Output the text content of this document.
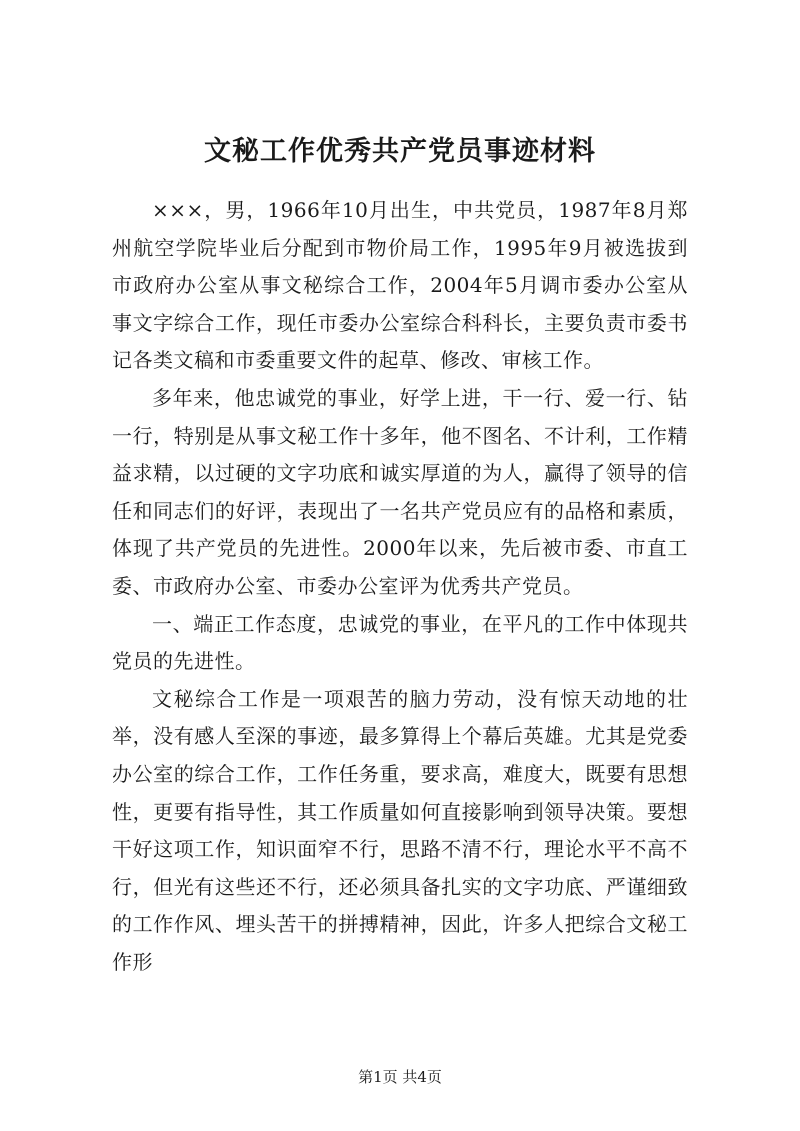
文秘工作优秀共产党员事迹材料

×××，男，1966年10月出生，中共党员，1987年8月郑州航空学院毕业后分配到市物价局工作，1995年9月被选拔到市政府办公室从事文秘综合工作，2004年5月调市委办公室从事文字综合工作，现任市委办公室综合科科长，主要负责市委书记各类文稿和市委重要文件的起草、修改、审核工作。

多年来，他忠诚党的事业，好学上进，干一行、爱一行、钻一行，特别是从事文秘工作十多年，他不图名、不计利，工作精益求精，以过硬的文字功底和诚实厚道的为人，赢得了领导的信任和同志们的好评，表现出了一名共产党员应有的品格和素质，体现了共产党员的先进性。2000年以来，先后被市委、市直工委、市政府办公室、市委办公室评为优秀共产党员。

一、端正工作态度，忠诚党的事业，在平凡的工作中体现共党员的先进性。

文秘综合工作是一项艰苦的脑力劳动，没有惊天动地的壮举，没有感人至深的事迹，最多算得上个幕后英雄。尤其是党委办公室的综合工作，工作任务重，要求高，难度大，既要有思想性，更要有指导性，其工作质量如何直接影响到领导决策。要想干好这项工作，知识面窄不行，思路不清不行，理论水平不高不行，但光有这些还不行，还必须具备扎实的文字功底、严谨细致的工作作风、埋头苦干的拼搏精神，因此，许多人把综合文秘工作形

第1页 共4页
